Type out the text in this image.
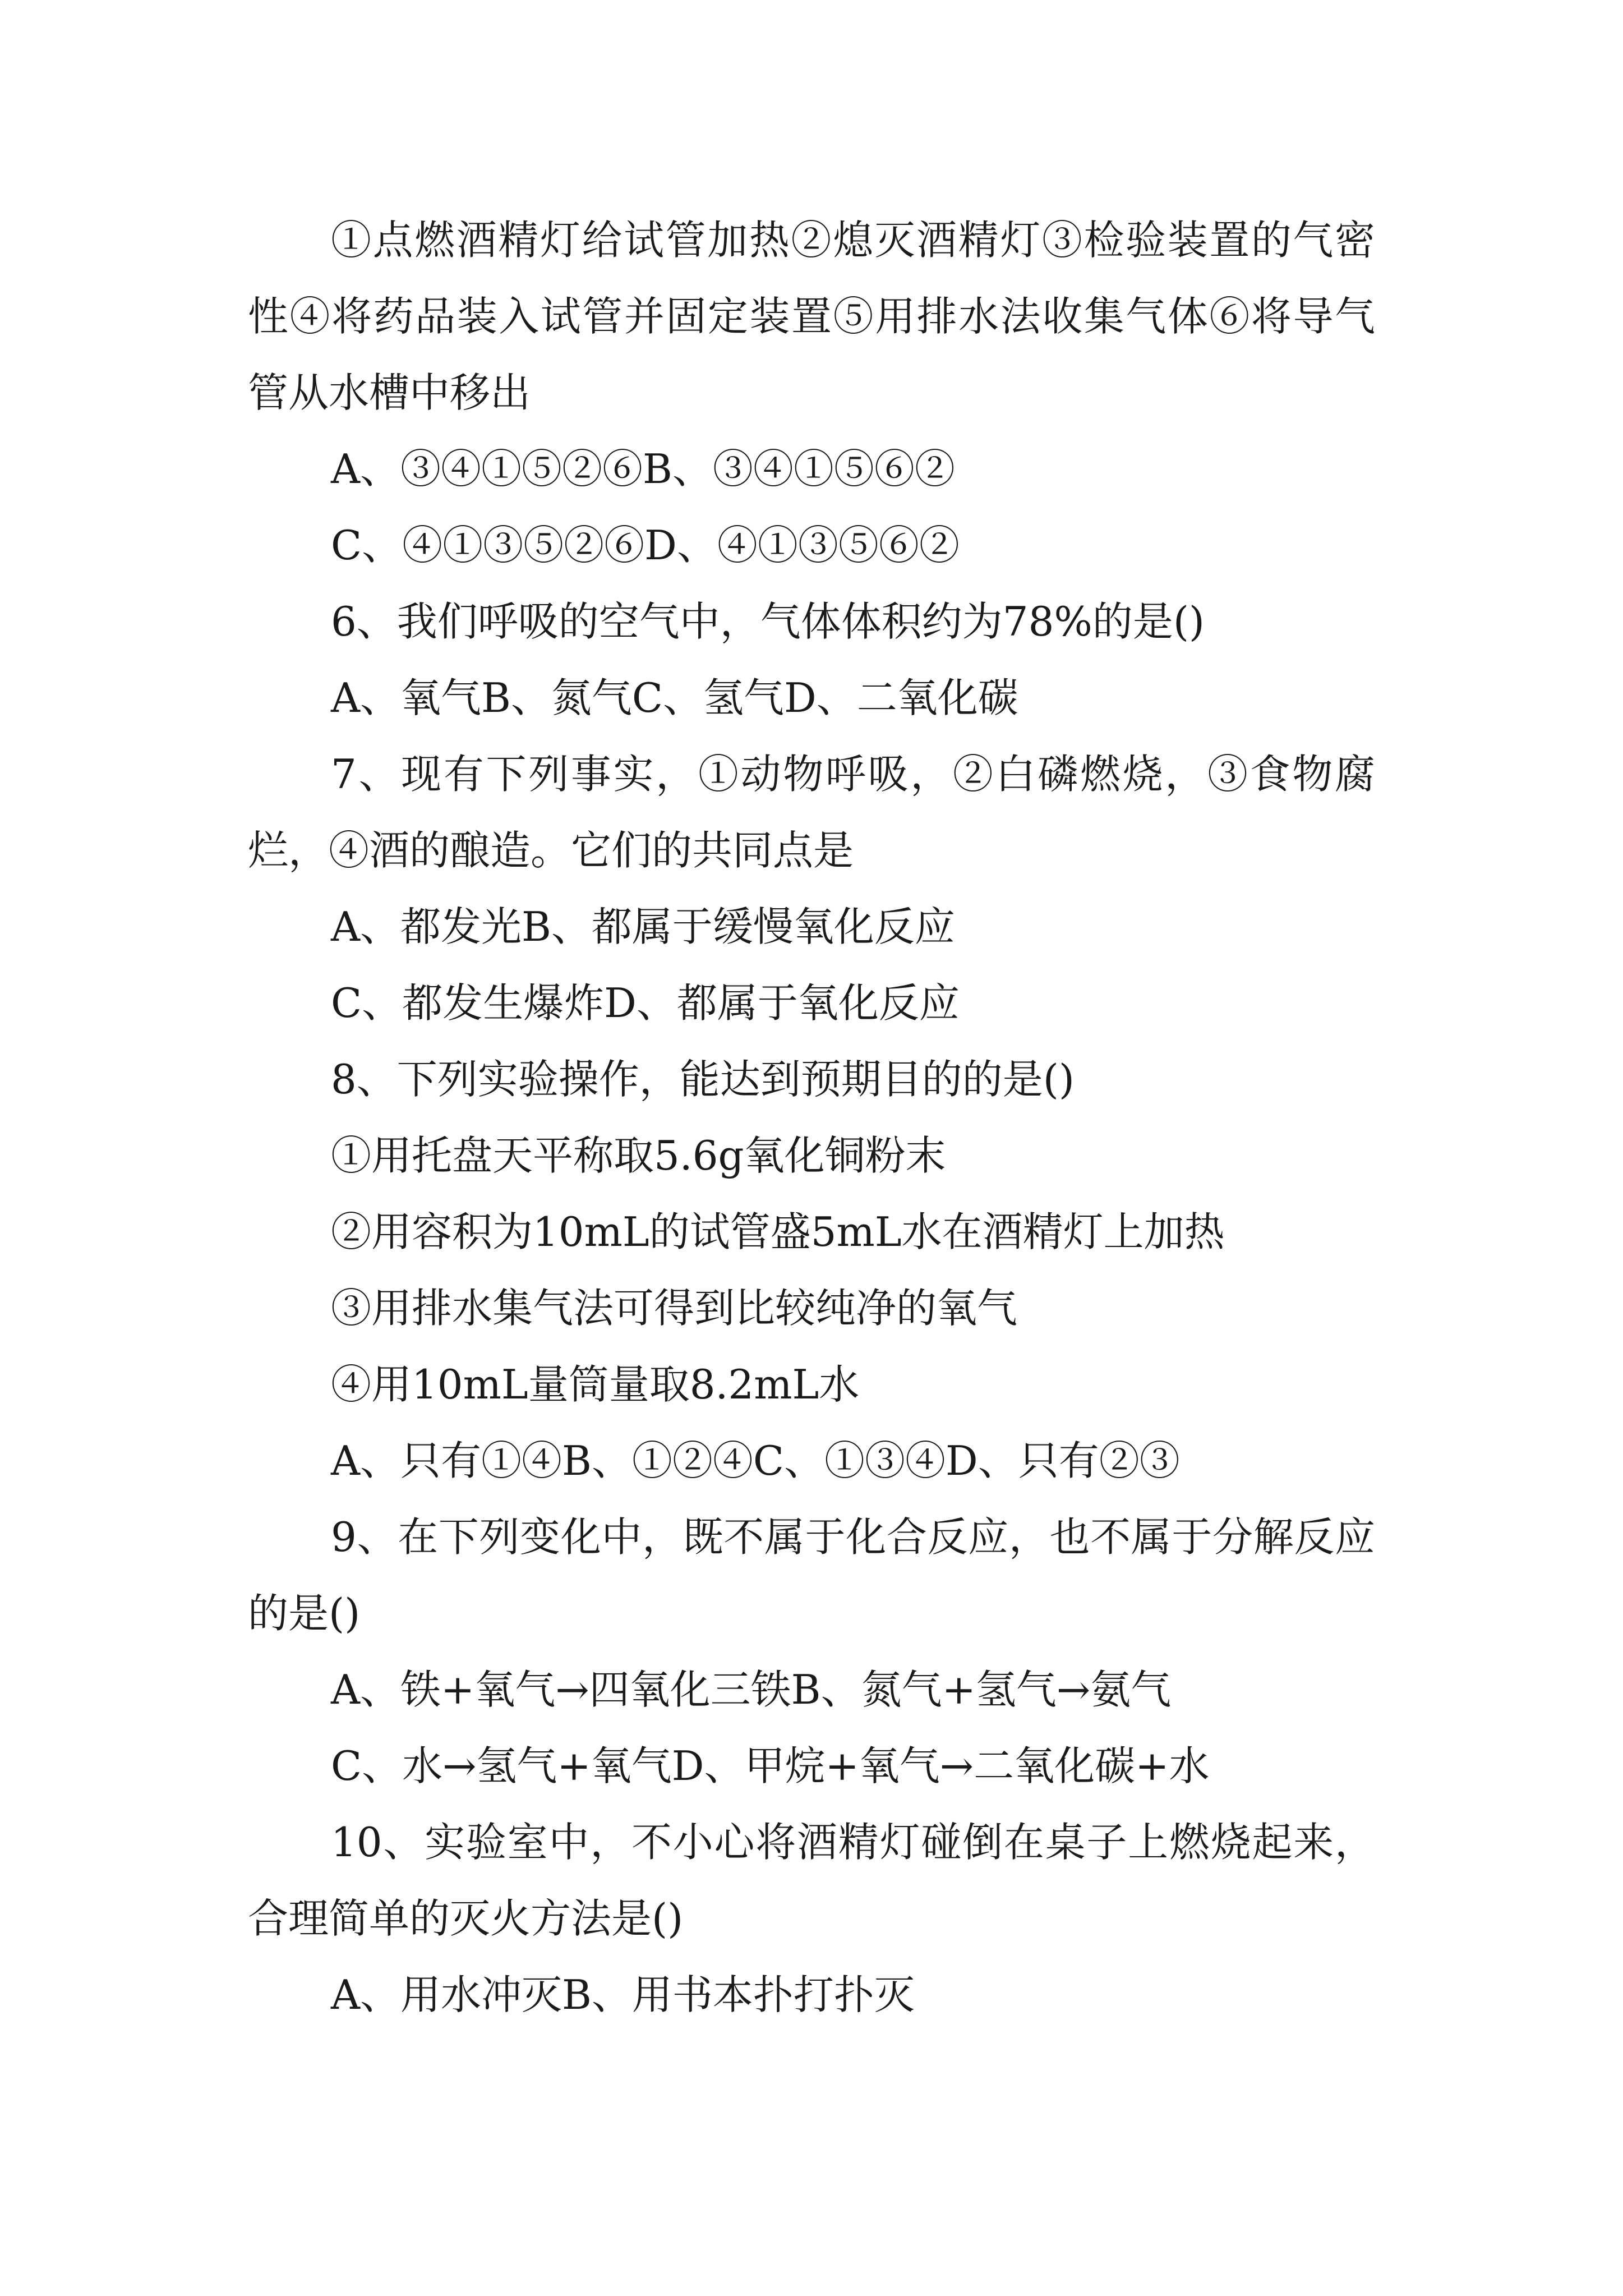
①点燃酒精灯给试管加热②熄灭酒精灯③检验装置的气密性④将药品装入试管并固定装置⑤用排水法收集气体⑥将导气管从水槽中移出

A、③④①⑤②⑥B、③④①⑤⑥②

C、④①③⑤②⑥D、④①③⑤⑥②

6、我们呼吸的空气中，气体体积约为78%的是()

A、氧气B、氮气C、氢气D、二氧化碳

7、现有下列事实，①动物呼吸，②白磷燃烧，③食物腐烂，④酒的酿造。它们的共同点是

A、都发光B、都属于缓慢氧化反应

C、都发生爆炸D、都属于氧化反应

8、下列实验操作，能达到预期目的的是()

①用托盘天平称取5.6g氧化铜粉末

②用容积为10mL的试管盛5mL水在酒精灯上加热

③用排水集气法可得到比较纯净的氧气

④用10mL量筒量取8.2mL水

A、只有①④B、①②④C、①③④D、只有②③

9、在下列变化中，既不属于化合反应，也不属于分解反应的是()

A、铁+氧气→四氧化三铁B、氮气+氢气→氨气

C、水→氢气+氧气D、甲烷+氧气→二氧化碳+水

10、实验室中，不小心将酒精灯碰倒在桌子上燃烧起来，合理简单的灭火方法是()

A、用水冲灭B、用书本扑打扑灭
